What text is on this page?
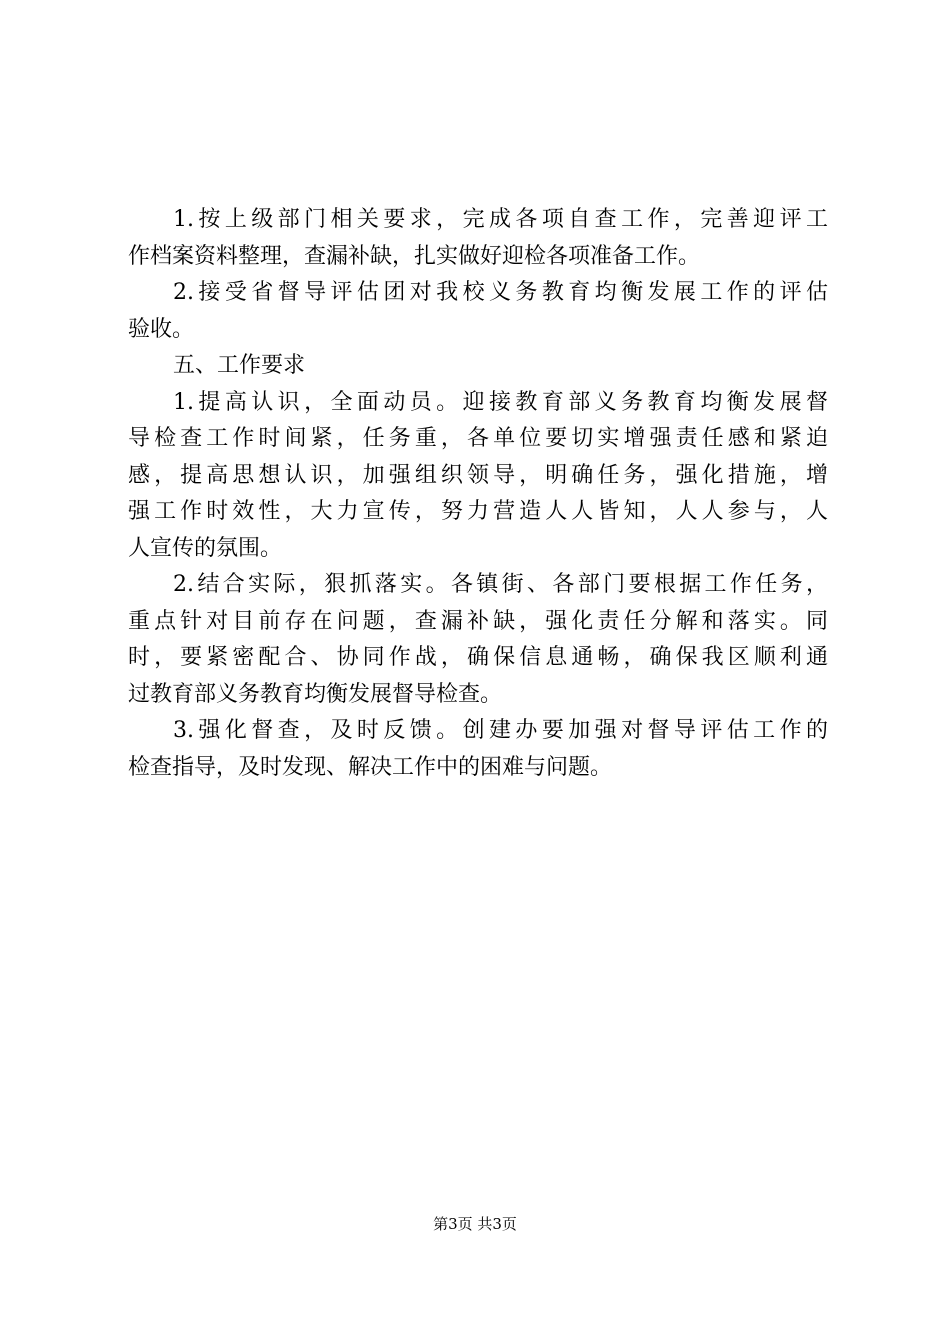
1.按上级部门相关要求，完成各项自查工作，完善迎评工
作档案资料整理，查漏补缺，扎实做好迎检各项准备工作。
2.接受省督导评估团对我校义务教育均衡发展工作的评估
验收。
五、工作要求
1.提高认识，全面动员。迎接教育部义务教育均衡发展督
导检查工作时间紧，任务重，各单位要切实增强责任感和紧迫
感，提高思想认识，加强组织领导，明确任务，强化措施，增
强工作时效性，大力宣传，努力营造人人皆知，人人参与，人
人宣传的氛围。
2.结合实际，狠抓落实。各镇街、各部门要根据工作任务，
重点针对目前存在问题，查漏补缺，强化责任分解和落实。同
时，要紧密配合、协同作战，确保信息通畅，确保我区顺利通
过教育部义务教育均衡发展督导检查。
3.强化督查，及时反馈。创建办要加强对督导评估工作的
检查指导，及时发现、解决工作中的困难与问题。
第3页 共3页
